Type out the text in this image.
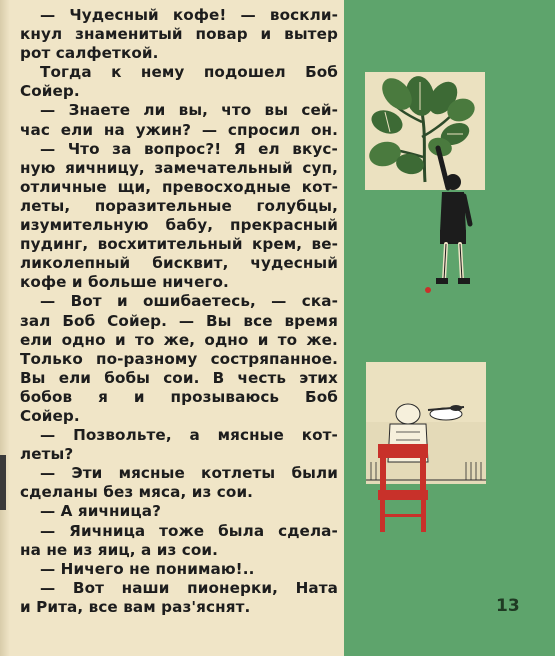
— Чудесный кофе! — воскли-
кнул знаменитый повар и вытер
рот салфеткой.
Тогда к нему подошел Боб
Сойер.
— Знаете ли вы, что вы сей-
час ели на ужин? — спросил он.
— Что за вопрос?! Я ел вкус-
ную яичницу, замечательный суп,
отличные щи, превосходные кот-
леты, поразительные голубцы,
изумительную бабу, прекрасный
пудинг, восхитительный крем, ве-
ликолепный бисквит, чудесный
кофе и больше ничего.
— Вот и ошибаетесь, — ска-
зал Боб Сойер. — Вы все время
ели одно и то же, одно и то же.
Только по-разному состряпанное.
Вы ели бобы сои. В честь этих
бобов я и прозываюсь Боб
Сойер.
— Позвольте, а мясные кот-
леты?
— Эти мясные котлеты были
сделаны без мяса, из сои.
— А яичница?
— Яичница тоже была сдела-
на не из яиц, а из сои.
— Ничего не понимаю!..
— Вот наши пионерки, Ната
и Рита, все вам раз'яснят.	13
